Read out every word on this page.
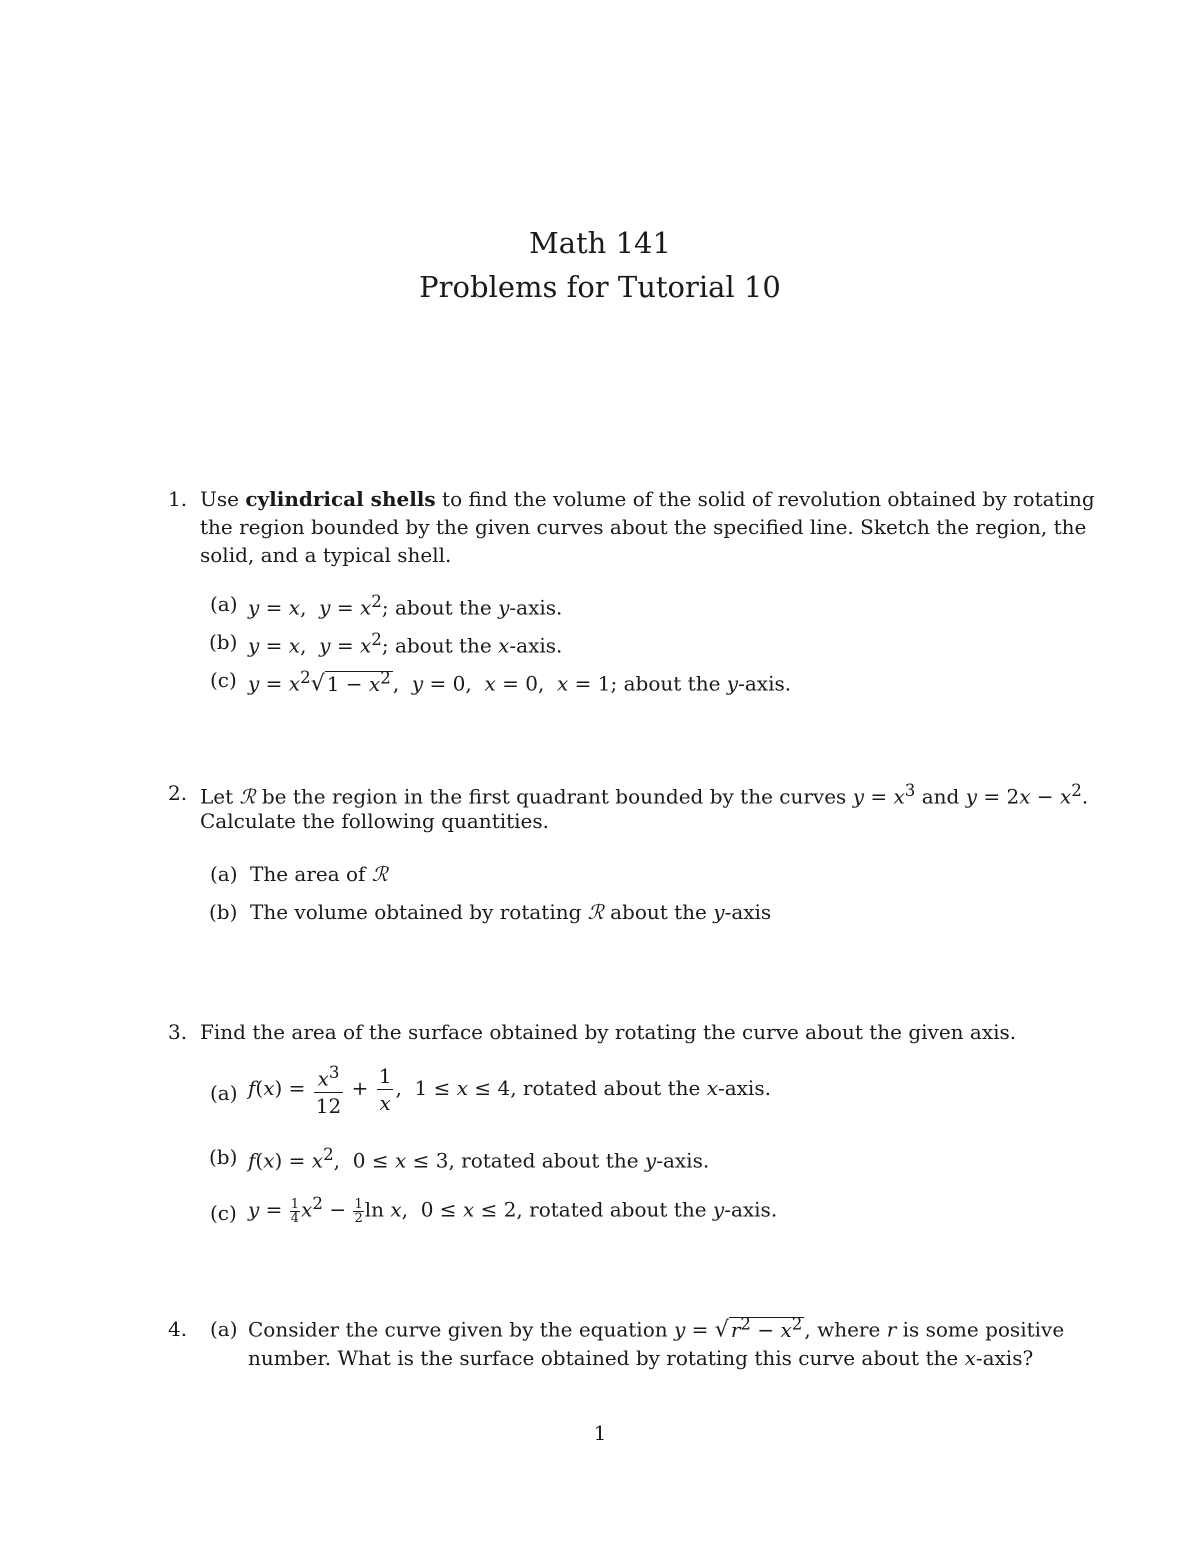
Math 141
Problems for Tutorial 10
1. Use cylindrical shells to find the volume of the solid of revolution obtained by rotating
the region bounded by the given curves about the specified line. Sketch the region, the
solid, and a typical shell.
(a) y = x,  $y = x^2$; about the y-axis.
(b) y = x,  $y = x^2$; about the x-axis.
(c) $y = x^2√$ $1 - x^2$ ,  y = 0,  x = 0,  x = 1; about the y-axis.
2. Let ℛ be the region in the first quadrant bounded by the curves $y = x^3$ and $y = 2x - x^2$.
Calculate the following quantities.
(a) The area of ℛ
(b) The volume obtained by rotating ℛ about the y-axis
3. Find the area of the surface obtained by rotating the curve about the given axis.
(a) $f(x) = \frac{x^3}{12} + \frac{1}{x}$ ,  1 ≤ x ≤ 4, rotated about the x-axis.
(b) $f(x) = x^2$,  0 ≤ x ≤ 3, rotated about the y-axis.
(c) $y = \frac{1}{4} x^2 - \frac{1}{2}$ ln x,  0 ≤ x ≤ 2, rotated about the y-axis.
4. (a) Consider the curve given by the equation y = √ $r^2 - x^2$ , where r is some positive
number. What is the surface obtained by rotating this curve about the x-axis?
1
